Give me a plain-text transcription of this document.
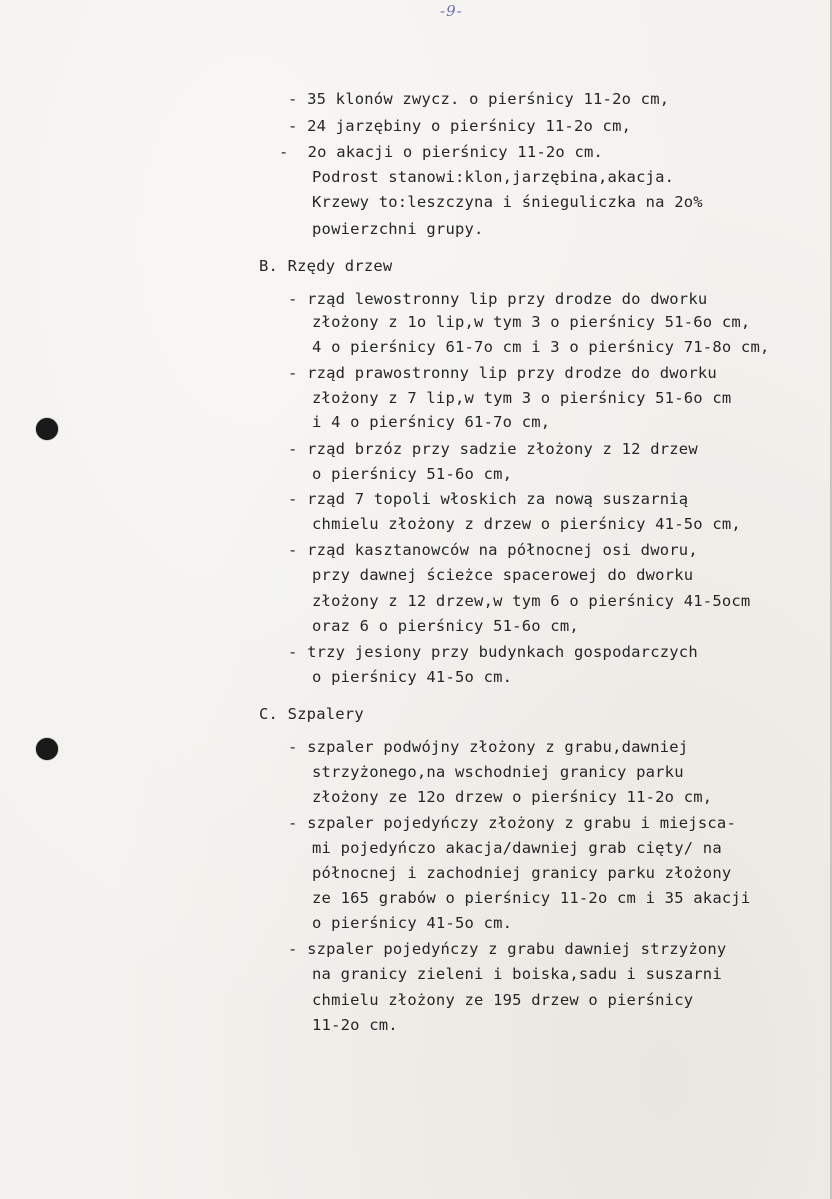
-9-
- 35 klonów zwycz. o pierśnicy 11-2o cm,
- 24 jarzębiny o pierśnicy 11-2o cm,
-  2o akacji o pierśnicy 11-2o cm.
Podrost stanowi:klon,jarzębina,akacja.
Krzewy to:leszczyna i śnieguliczka na 2o%
powierzchni grupy.
B. Rzędy drzew
- rząd lewostronny lip przy drodze do dworku
złożony z 1o lip,w tym 3 o pierśnicy 51-6o cm,
4 o pierśnicy 61-7o cm i 3 o pierśnicy 71-8o cm,
- rząd prawostronny lip przy drodze do dworku
złożony z 7 lip,w tym 3 o pierśnicy 51-6o cm
i 4 o pierśnicy 61-7o cm,
- rząd brzóz przy sadzie złożony z 12 drzew
o pierśnicy 51-6o cm,
- rząd 7 topoli włoskich za nową suszarnią
chmielu złożony z drzew o pierśnicy 41-5o cm,
- rząd kasztanowców na północnej osi dworu,
przy dawnej ścieżce spacerowej do dworku
złożony z 12 drzew,w tym 6 o pierśnicy 41-5ocm
oraz 6 o pierśnicy 51-6o cm,
- trzy jesiony przy budynkach gospodarczych
o pierśnicy 41-5o cm.
C. Szpalery
- szpaler podwójny złożony z grabu,dawniej
strzyżonego,na wschodniej granicy parku
złożony ze 12o drzew o pierśnicy 11-2o cm,
- szpaler pojedyńczy złożony z grabu i miejsca-
mi pojedyńczo akacja/dawniej grab cięty/ na
północnej i zachodniej granicy parku złożony
ze 165 grabów o pierśnicy 11-2o cm i 35 akacji
o pierśnicy 41-5o cm.
- szpaler pojedyńczy z grabu dawniej strzyżony
na granicy zieleni i boiska,sadu i suszarni
chmielu złożony ze 195 drzew o pierśnicy
11-2o cm.
